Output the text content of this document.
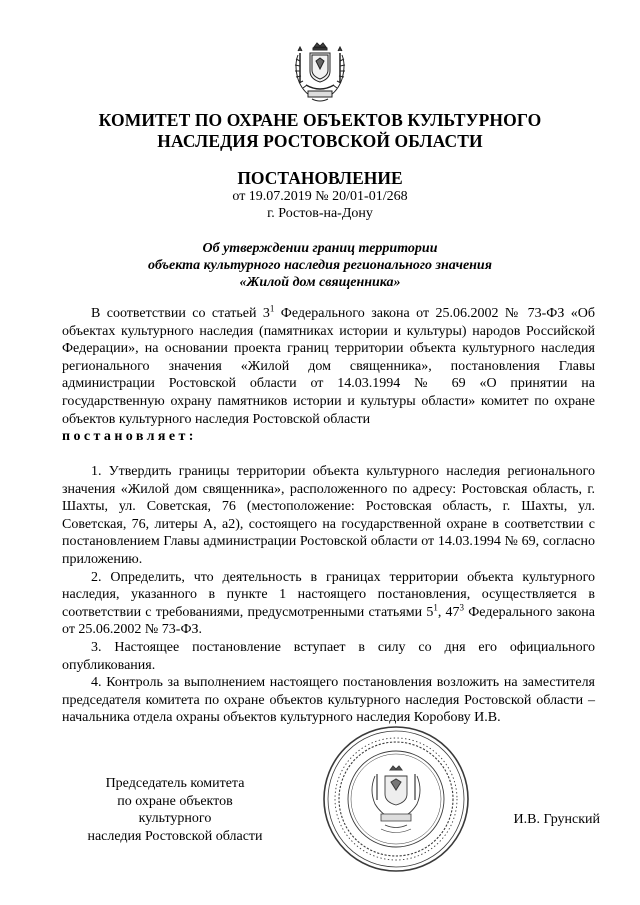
КОМИТЕТ ПО ОХРАНЕ ОБЪЕКТОВ КУЛЬТУРНОГО
НАСЛЕДИЯ РОСТОВСКОЙ ОБЛАСТИ
ПОСТАНОВЛЕНИЕ
от 19.07.2019 № 20/01-01/268
г. Ростов-на-Дону
Об утверждении границ территории
объекта культурного наследия регионального значения
«Жилой дом священника»

В соответствии со статьей $3^1$ Федерального закона от 25.06.2002 № 73-ФЗ «Об объектах культурного наследия (памятниках истории и культуры) народов Российской Федерации», на основании проекта границ территории объекта культурного наследия регионального значения «Жилой дом священника», постановления Главы администрации Ростовской области от 14.03.1994 № 69 «О принятии на государственную охрану памятников истории и культуры области» комитет по охране объектов культурного наследия Ростовской области

постановляет:

1. Утвердить границы территории объекта культурного наследия регионального значения «Жилой дом священника», расположенного по адресу: Ростовская область, г. Шахты, ул. Советская, 76 (местоположение: Ростовская область, г. Шахты, ул. Советская, 76, литеры А, а2), состоящего на государственной охране в соответствии с постановлением Главы администрации Ростовской области от 14.03.1994 № 69, согласно приложению.

2. Определить, что деятельность в границах территории объекта культурного наследия, указанного в пункте 1 настоящего постановления, осуществляется в соответствии с требованиями, предусмотренными статьями $5^1$, $47^3$ Федерального закона от 25.06.2002 № 73-ФЗ.

3. Настоящее постановление вступает в силу со дня его официального опубликования.

4. Контроль за выполнением настоящего постановления возложить на заместителя председателя комитета по охране объектов культурного наследия Ростовской области – начальника отдела охраны объектов культурного наследия Коробову И.В.

Председатель комитета
по охране объектов культурного
наследия Ростовской области
И.В. Грунский
